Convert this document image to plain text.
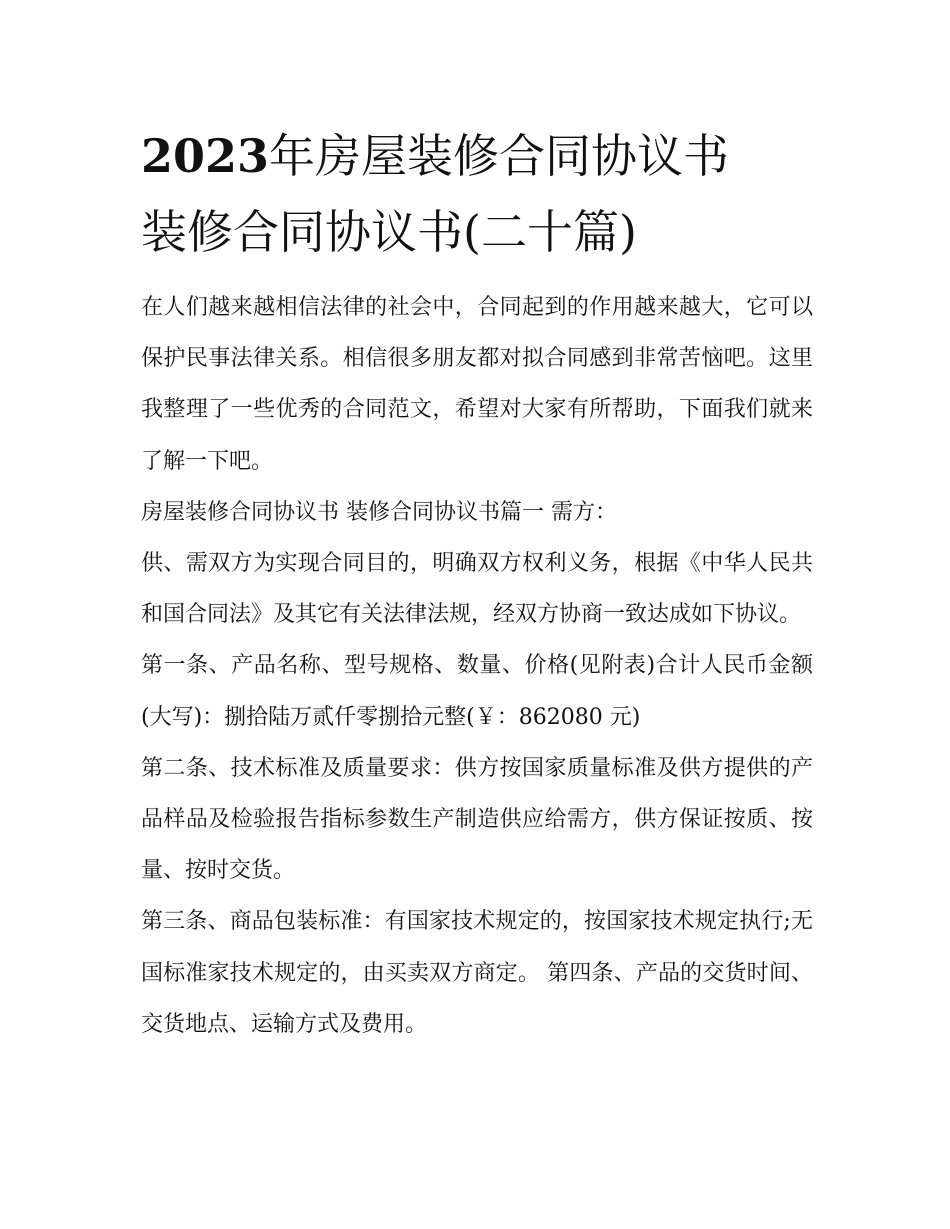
2023年房屋装修合同协议书
装修合同协议书(二十篇)

在人们越来越相信法律的社会中，合同起到的作用越来越大，它可以保护民事法律关系。相信很多朋友都对拟合同感到非常苦恼吧。这里我整理了一些优秀的合同范文，希望对大家有所帮助，下面我们就来了解一下吧。

房屋装修合同协议书 装修合同协议书篇一 需方：

供、需双方为实现合同目的，明确双方权利义务，根据《中华人民共和国合同法》及其它有关法律法规，经双方协商一致达成如下协议。

第一条、产品名称、型号规格、数量、价格(见附表)合计人民币金额(大写)：捌拾陆万贰仟零捌拾元整(￥：862080 元)

第二条、技术标准及质量要求：供方按国家质量标准及供方提供的产品样品及检验报告指标参数生产制造供应给需方，供方保证按质、按量、按时交货。

第三条、商品包装标准：有国家技术规定的，按国家技术规定执行;无国标准家技术规定的，由买卖双方商定。 第四条、产品的交货时间、交货地点、运输方式及费用。
